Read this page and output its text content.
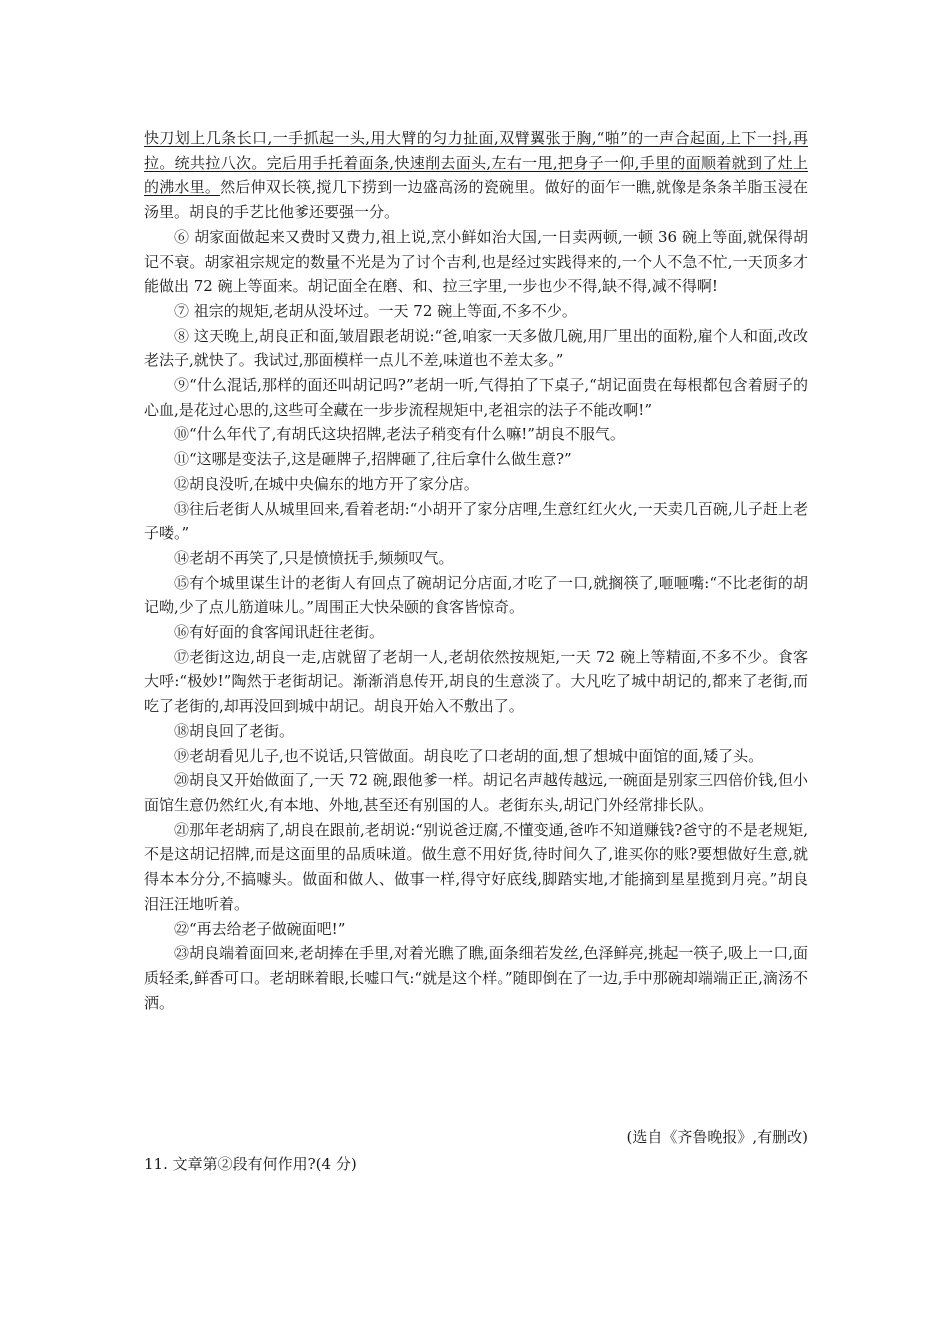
快刀划上几条长口,一手抓起一头,用大臂的匀力扯面,双臂翼张于胸,“啪”的一声合起面,上下一抖,再拉。统共拉八次。完后用手托着面条,快速削去面头,左右一甩,把身子一仰,手里的面顺着就到了灶上的沸水里。然后伸双长筷,搅几下捞到一边盛高汤的瓷碗里。做好的面乍一瞧,就像是条条羊脂玉浸在汤里。胡良的手艺比他爹还要强一分。

⑥ 胡家面做起来又费时又费力,祖上说,烹小鲜如治大国,一日卖两顿,一顿 36 碗上等面,就保得胡记不衰。胡家祖宗规定的数量不光是为了讨个吉利,也是经过实践得来的,一个人不急不忙,一天顶多才能做出 72 碗上等面来。胡记面全在磨、和、拉三字里,一步也少不得,缺不得,减不得啊!

⑦ 祖宗的规矩,老胡从没坏过。一天 72 碗上等面,不多不少。

⑧ 这天晚上,胡良正和面,皱眉跟老胡说:“爸,咱家一天多做几碗,用厂里出的面粉,雇个人和面,改改老法子,就快了。我试过,那面模样一点儿不差,味道也不差太多。”

⑨“什么混话,那样的面还叫胡记吗?”老胡一听,气得拍了下桌子,“胡记面贵在每根都包含着厨子的心血,是花过心思的,这些可全藏在一步步流程规矩中,老祖宗的法子不能改啊!”

⑩“什么年代了,有胡氏这块招牌,老法子稍变有什么嘛!”胡良不服气。

⑪“这哪是变法子,这是砸牌子,招牌砸了,往后拿什么做生意?”

⑫胡良没听,在城中央偏东的地方开了家分店。

⑬往后老街人从城里回来,看着老胡:“小胡开了家分店哩,生意红红火火,一天卖几百碗,儿子赶上老子喽。”

⑭老胡不再笑了,只是愤愤抚手,频频叹气。

⑮有个城里谋生计的老街人有回点了碗胡记分店面,才吃了一口,就搁筷了,咂咂嘴:“不比老街的胡记呦,少了点儿筋道味儿。”周围正大快朵颐的食客皆惊奇。

⑯有好面的食客闻讯赶往老街。

⑰老街这边,胡良一走,店就留了老胡一人,老胡依然按规矩,一天 72 碗上等精面,不多不少。食客大呼:“极妙!”陶然于老街胡记。渐渐消息传开,胡良的生意淡了。大凡吃了城中胡记的,都来了老街,而吃了老街的,却再没回到城中胡记。胡良开始入不敷出了。

⑱胡良回了老街。

⑲老胡看见儿子,也不说话,只管做面。胡良吃了口老胡的面,想了想城中面馆的面,矮了头。

⑳胡良又开始做面了,一天 72 碗,跟他爹一样。胡记名声越传越远,一碗面是别家三四倍价钱,但小面馆生意仍然红火,有本地、外地,甚至还有别国的人。老街东头,胡记门外经常排长队。

㉑那年老胡病了,胡良在跟前,老胡说:“别说爸迂腐,不懂变通,爸咋不知道赚钱?爸守的不是老规矩,不是这胡记招牌,而是这面里的品质味道。做生意不用好货,待时间久了,谁买你的账?要想做好生意,就得本本分分,不搞噱头。做面和做人、做事一样,得守好底线,脚踏实地,才能摘到星星揽到月亮。”胡良泪汪汪地听着。

㉒“再去给老子做碗面吧!”

㉓胡良端着面回来,老胡捧在手里,对着光瞧了瞧,面条细若发丝,色泽鲜亮,挑起一筷子,吸上一口,面质轻柔,鲜香可口。老胡眯着眼,长嘘口气:“就是这个样。”随即倒在了一边,手中那碗却端端正正,滴汤不洒。

(选自《齐鲁晚报》,有删改)
11. 文章第②段有何作用?(4 分)
